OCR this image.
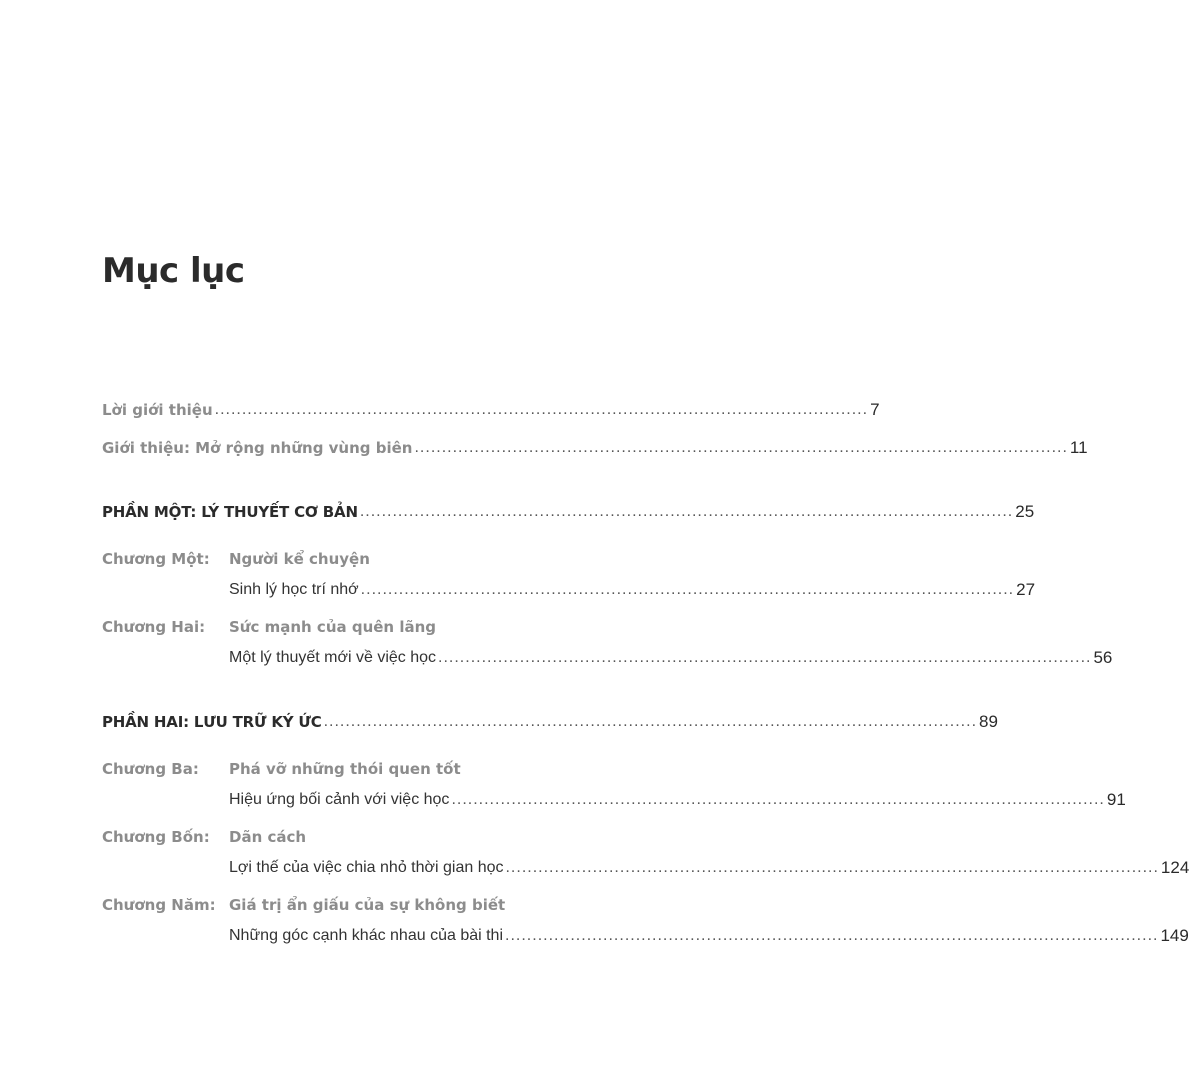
Mục lục
Lời giới thiệu ........................................................................................................................ 7
Giới thiệu: Mở rộng những vùng biên ........................................................................................................................ 11
PHẦN MỘT: LÝ THUYẾT CƠ BẢN ........................................................................................................................ 25
Chương Một: Người kể chuyện
Sinh lý học trí nhớ ........................................................................................................................ 27
Chương Hai: Sức mạnh của quên lãng
Một lý thuyết mới về việc học ........................................................................................................................ 56
PHẦN HAI: LƯU TRỮ KÝ ỨC ........................................................................................................................ 89
Chương Ba: Phá vỡ những thói quen tốt
Hiệu ứng bối cảnh với việc học ........................................................................................................................ 91
Chương Bốn: Dãn cách
Lợi thế của việc chia nhỏ thời gian học ........................................................................................................................ 124
Chương Năm: Giá trị ẩn giấu của sự không biết
Những góc cạnh khác nhau của bài thi ........................................................................................................................ 149
